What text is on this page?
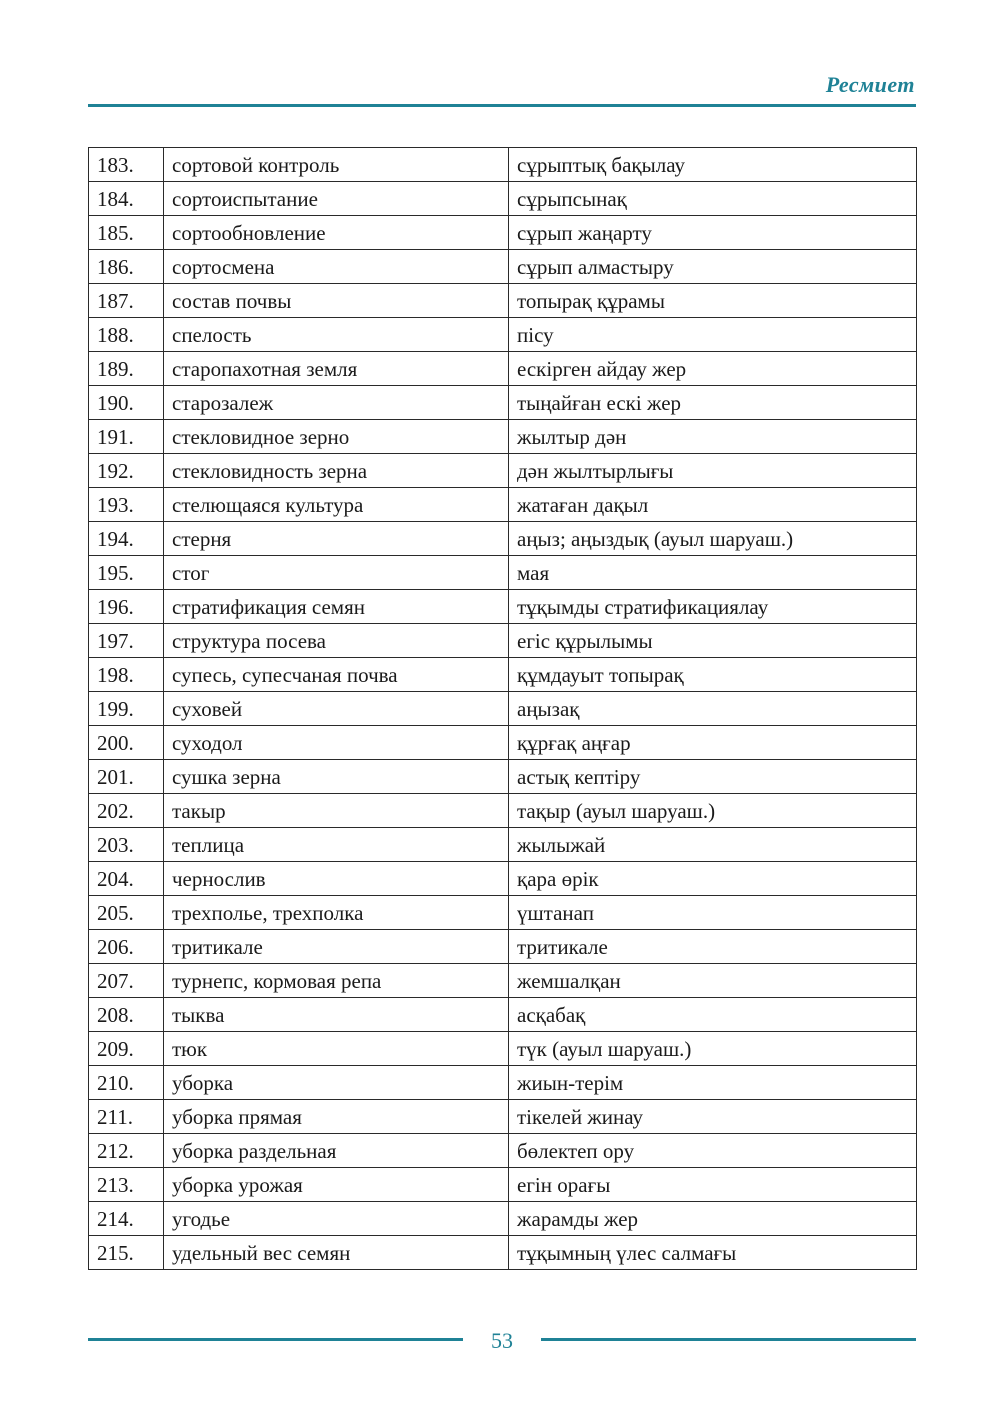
Ресмиет
183.	сортовой контроль	сұрыптық бақылау
184.	сортоиспытание	сұрыпсынақ
185.	сортообновление	сұрып жаңарту
186.	сортосмена	сұрып алмастыру
187.	состав почвы	топырақ құрамы
188.	спелость	пісу
189.	старопахотная земля	ескірген айдау жер
190.	старозалеж	тыңайған ескі жер
191.	стекловидное зерно	жылтыр дән
192.	стекловидность зерна	дән жылтырлығы
193.	стелющаяся культура	жатаған дақыл
194.	стерня	аңыз; аңыздық (ауыл шаруаш.)
195.	стог	мая
196.	стратификация семян	тұқымды стратификациялау
197.	структура посева	егіс құрылымы
198.	супесь, супесчаная почва	құмдауыт топырақ
199.	суховей	аңызақ
200.	суходол	құрғақ аңғар
201.	сушка зерна	астық кептіру
202.	такыр	тақыр (ауыл шаруаш.)
203.	теплица	жылыжай
204.	чернослив	қара өрік
205.	трехполье, трехполка	үштанап
206.	тритикале	тритикале
207.	турнепс, кормовая репа	жемшалқан
208.	тыква	асқабақ
209.	тюк	түк (ауыл шаруаш.)
210.	уборка	жиын-терім
211.	уборка прямая	тікелей жинау
212.	уборка раздельная	бөлектеп ору
213.	уборка урожая	егін орағы
214.	угодье	жарамды жер
215.	удельный вес семян	тұқымның үлес салмағы
53
